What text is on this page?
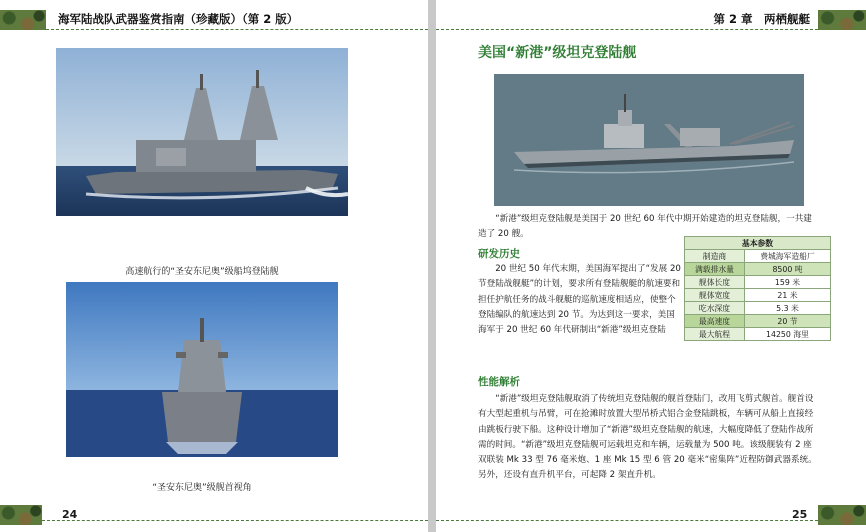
海军陆战队武器鉴赏指南（珍藏版）（第 2 版）
高速航行的“圣安东尼奥”级船坞登陆舰
“圣安东尼奥”级舰首视角
24
第 2 章　两栖舰艇
美国“新港”级坦克登陆舰
“新港”级坦克登陆舰是美国于 20 世纪 60 年代中期开始建造的坦克登陆舰，一共建造了 20 艘。
研发历史
基本参数	
制造商	费城海军造船厂
满载排水量	8500 吨
舰体长度	159 米
舰体宽度	21 米
吃水深度	5.3 米
最高速度	20 节
最大航程	14250 海里
20 世纪 50 年代末期，美国海军提出了“发展 20 节登陆战舰艇”的计划，要求所有登陆舰艇的航速要和担任护航任务的战斗舰艇的巡航速度相适应，使整个登陆编队的航速达到 20 节。为达到这一要求，美国海军于 20 世纪 60 年代研制出“新港”级坦克登陆
性能解析
“新港”级坦克登陆舰取消了传统坦克登陆舰的舰首登陆门，改用飞剪式舰首。舰首设有大型起重机与吊臂，可在抢滩时放置大型吊桥式铝合金登陆跳板，车辆可从船上直接经由跳板行驶下船。这种设计增加了“新港”级坦克登陆舰的航速，大幅度降低了登陆作战所需的时间。“新港”级坦克登陆舰可运载坦克和车辆，运载量为 500 吨。该级舰装有 2 座双联装 Mk 33 型 76 毫米炮、1 座 Mk 15 型 6 管 20 毫米“密集阵”近程防御武器系统。另外，还设有直升机平台，可起降 2 架直升机。
25
